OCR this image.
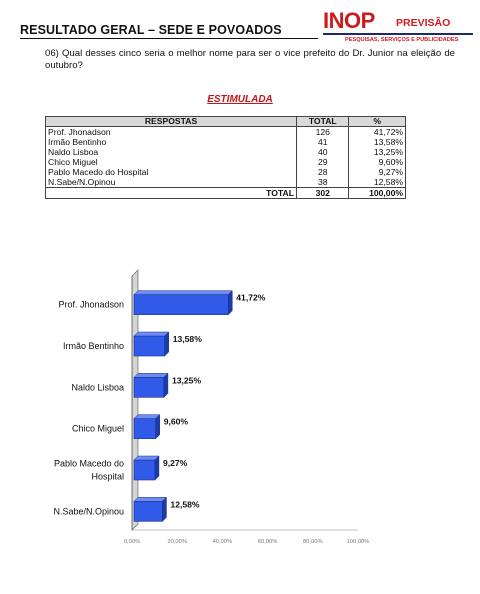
RESULTADO GERAL – SEDE E POVOADOS INOP PREVISÃO
PESQUISAS, SERVIÇOS E PUBLICIDADES
06) Qual desses cinco seria o melhor nome para ser o vice prefeito do Dr. Junior na eleição de outubro?
ESTIMULADA
RESPOSTAS	TOTAL	%
Prof. Jhonadson	126	41,72%
Irmão Bentinho	41	13,58%
Naldo Lisboa	40	13,25%
Chico Miguel	29	9,60%
Pablo Macedo do Hospital	28	9,27%
N.Sabe/N.Opinou	38	12,58%
TOTAL	302	100,00%
41,72%
Prof. Jhonadson
13,58%
Irmão Bentinho
13,25%
Naldo Lisboa
9,60%
Chico Miguel
9,27%
Pablo Macedo do
Hospital
12,58%
N.Sabe/N.Opinou
0,00%	20,00%	40,00%	60,00%	80,00%	100,00%
